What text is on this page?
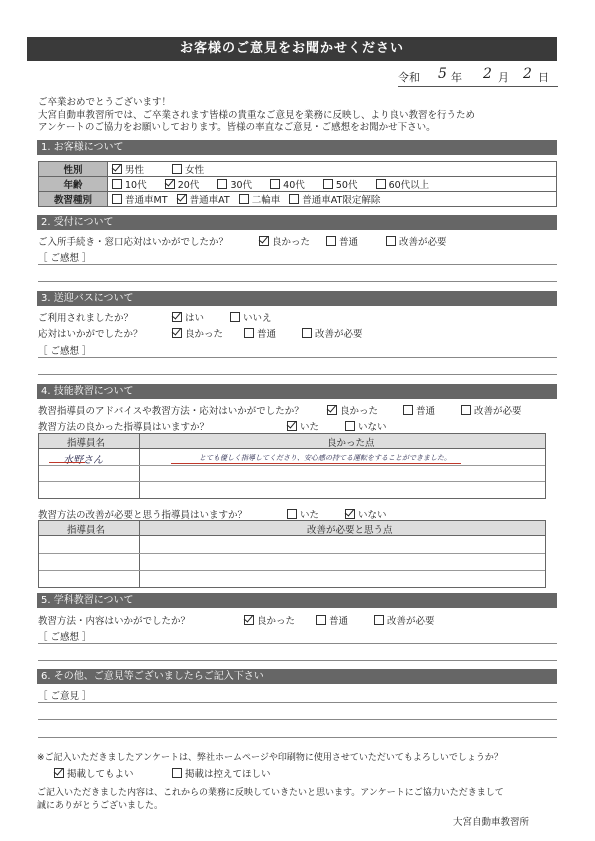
お客様のご意見をお聞かせください
令和 5 年 2 月 2 日
ご卒業おめでとうございます！
大宮自動車教習所では、ご卒業されます皆様の貴重なご意見を業務に反映し、より良い教習を行うため
アンケートのご協力をお願いしております。皆様の率直なご意見・ご感想をお聞かせ下さい。
1. お客様について
性別	男性 女性
年齢	10代 20代 30代 40代 50代 60代以上
教習種別	普通車MT 普通車AT 二輪車 普通車AT限定解除
2. 受付について
ご入所手続き・窓口応対はいかがでしたか？	良かった	普通	改善が必要
［ ご感想 ］
3. 送迎バスについて
ご利用されましたか？	はい	いいえ
応対はいかがでしたか？	良かった	普通	改善が必要
［ ご感想 ］
4. 技能教習について
教習指導員のアドバイスや教習方法・応対はいかがでしたか？	良かった	普通	改善が必要
教習方法の良かった指導員はいますか？	いた	いない
指導員名	良かった点
水野さん	とても優しく指導してくださり、安心感の持てる運転をすることができました。
教習方法の改善が必要と思う指導員はいますか？	いた	いない
指導員名	改善が必要と思う点
5. 学科教習について
教習方法・内容はいかがでしたか？	良かった	普通	改善が必要
［ ご感想 ］
6. その他、ご意見等ございましたらご記入下さい
［ ご意見 ］
※ご記入いただきましたアンケートは、弊社ホームページや印刷物に使用させていただいてもよろしいでしょうか？
掲載してもよい	掲載は控えてほしい
ご記入いただきました内容は、これからの業務に反映していきたいと思います。アンケートにご協力いただきまして
誠にありがとうございました。
大宮自動車教習所
